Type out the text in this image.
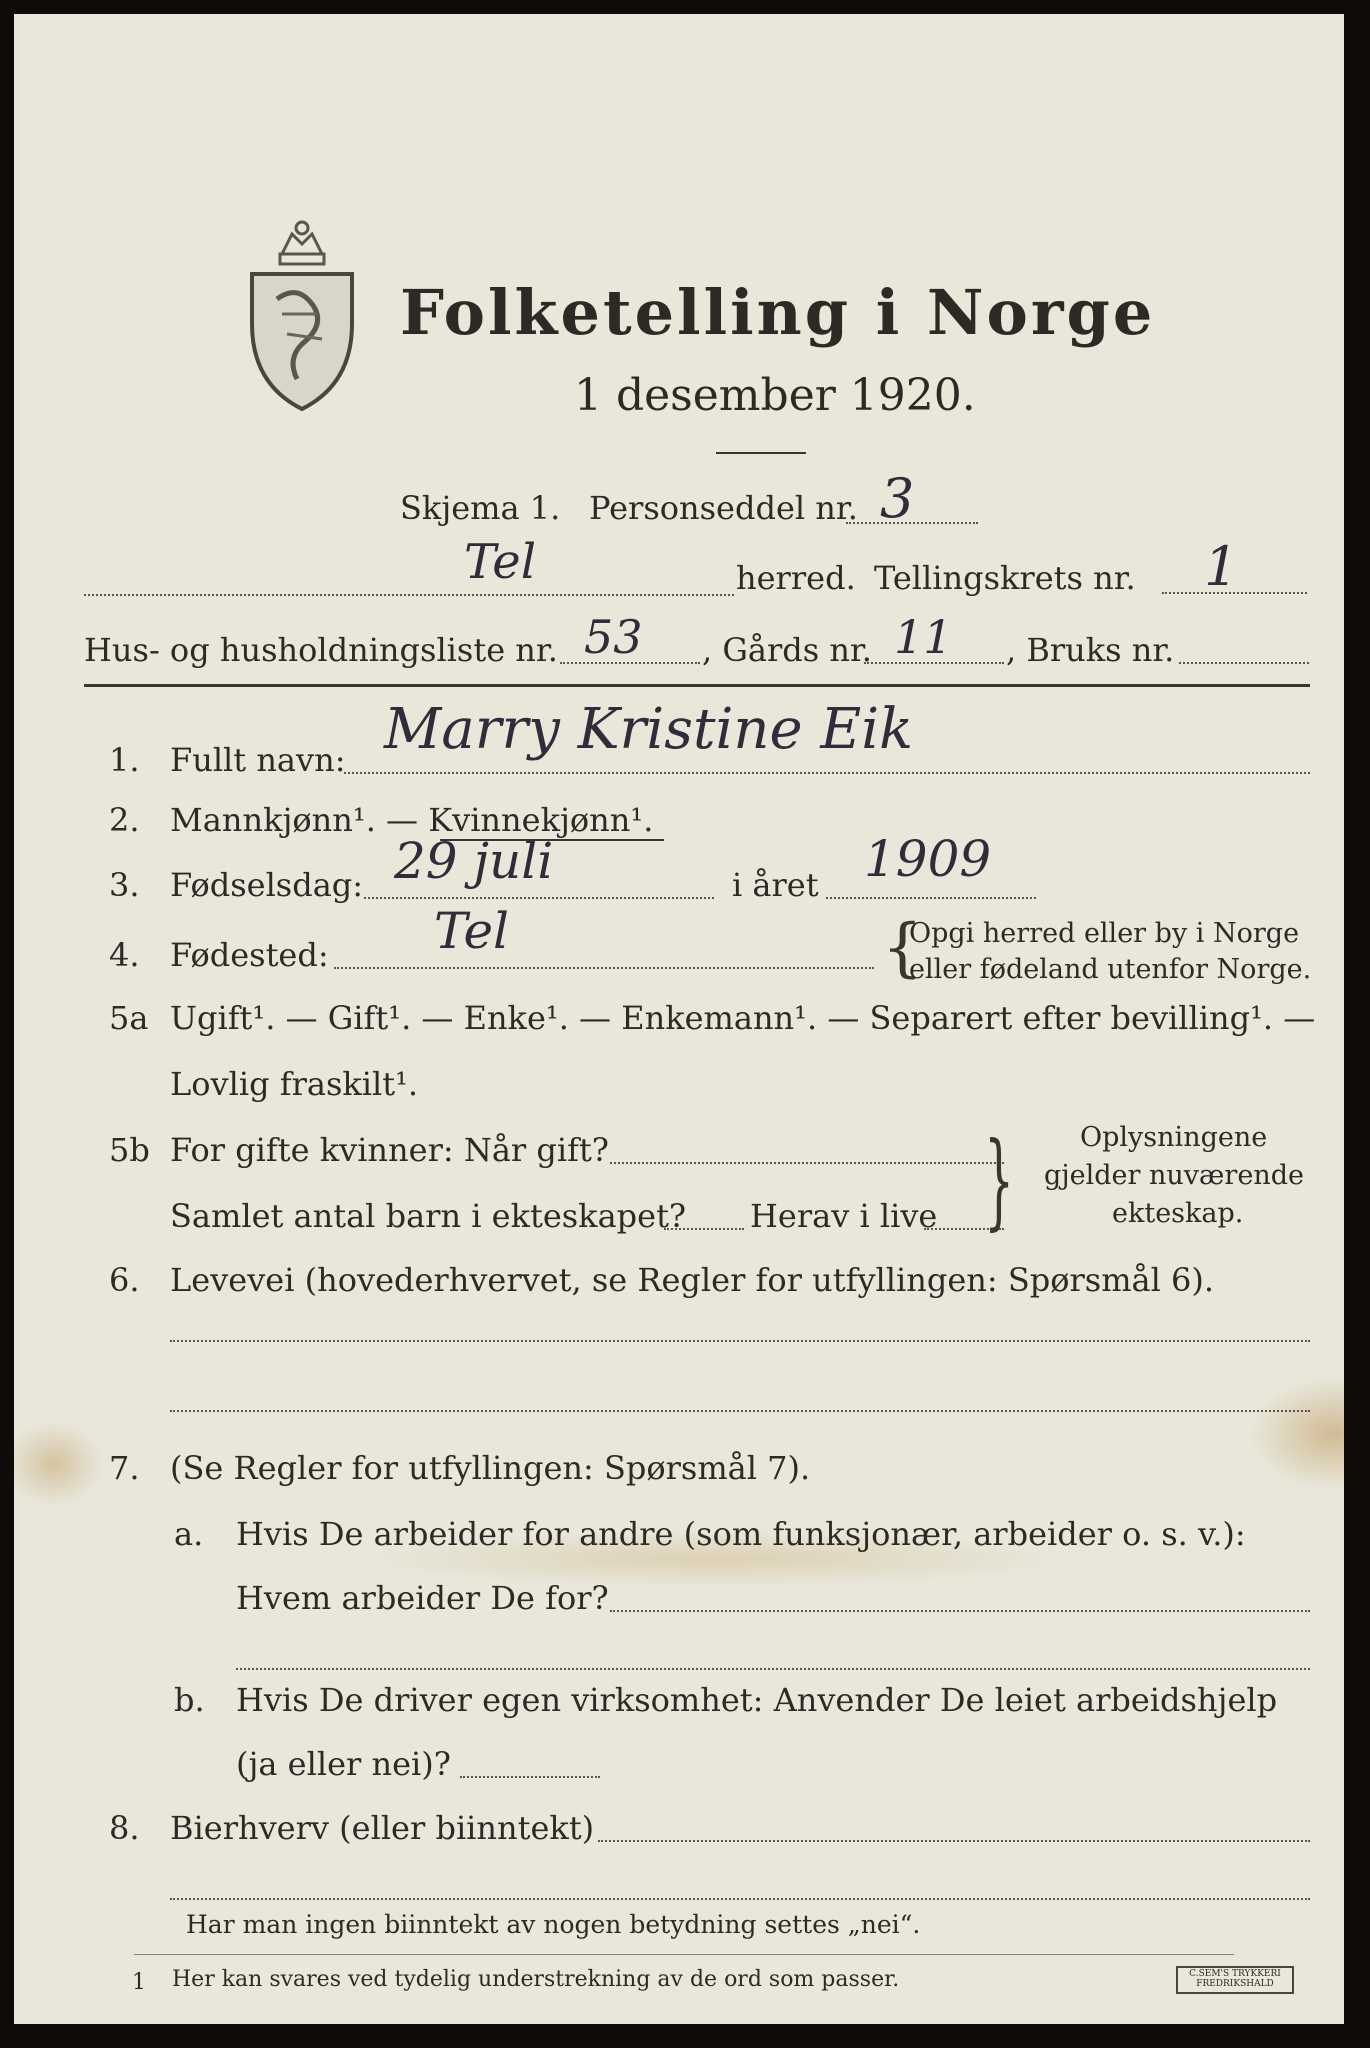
Folketelling i Norge
1 desember 1920.
Skjema 1. Personseddel nr. 3
Tel	herred. Tellingskrets nr. 1
Hus- og husholdningsliste nr. 53 , Gårds nr. 11 , Bruks nr.
1. Fullt navn: Marry Kristine Eik
2. Mannkjønn¹. — Kvinnekjønn¹.
3. Fødselsdag: 29 juli	i året 1909
4. Fødested: Tel	{
Opgi herred eller by i Norge
eller fødeland utenfor Norge.
5a Ugift¹. — Gift¹. — Enke¹. — Enkemann¹. — Separert efter bevilling¹. —
Lovlig fraskilt¹.
5b For gifte kvinner: Når gift?
Samlet antal barn i ekteskapet? Herav i live { Oplysningene
gjelder nuværende
ekteskap.
6. Levevei (hovederhvervet, se Regler for utfyllingen: Spørsmål 6).
7. (Se Regler for utfyllingen: Spørsmål 7).
a. Hvis De arbeider for andre (som funksjonær, arbeider o. s. v.):
Hvem arbeider De for?
b. Hvis De driver egen virksomhet: Anvender De leiet arbeidshjelp
(ja eller nei)?
8. Bierhverv (eller biinntekt)
Har man ingen biinntekt av nogen betydning settes „nei“.
1 Her kan svares ved tydelig understrekning av de ord som passer.	C.SEM'S TRYKKERI
FREDRIKSHALD
